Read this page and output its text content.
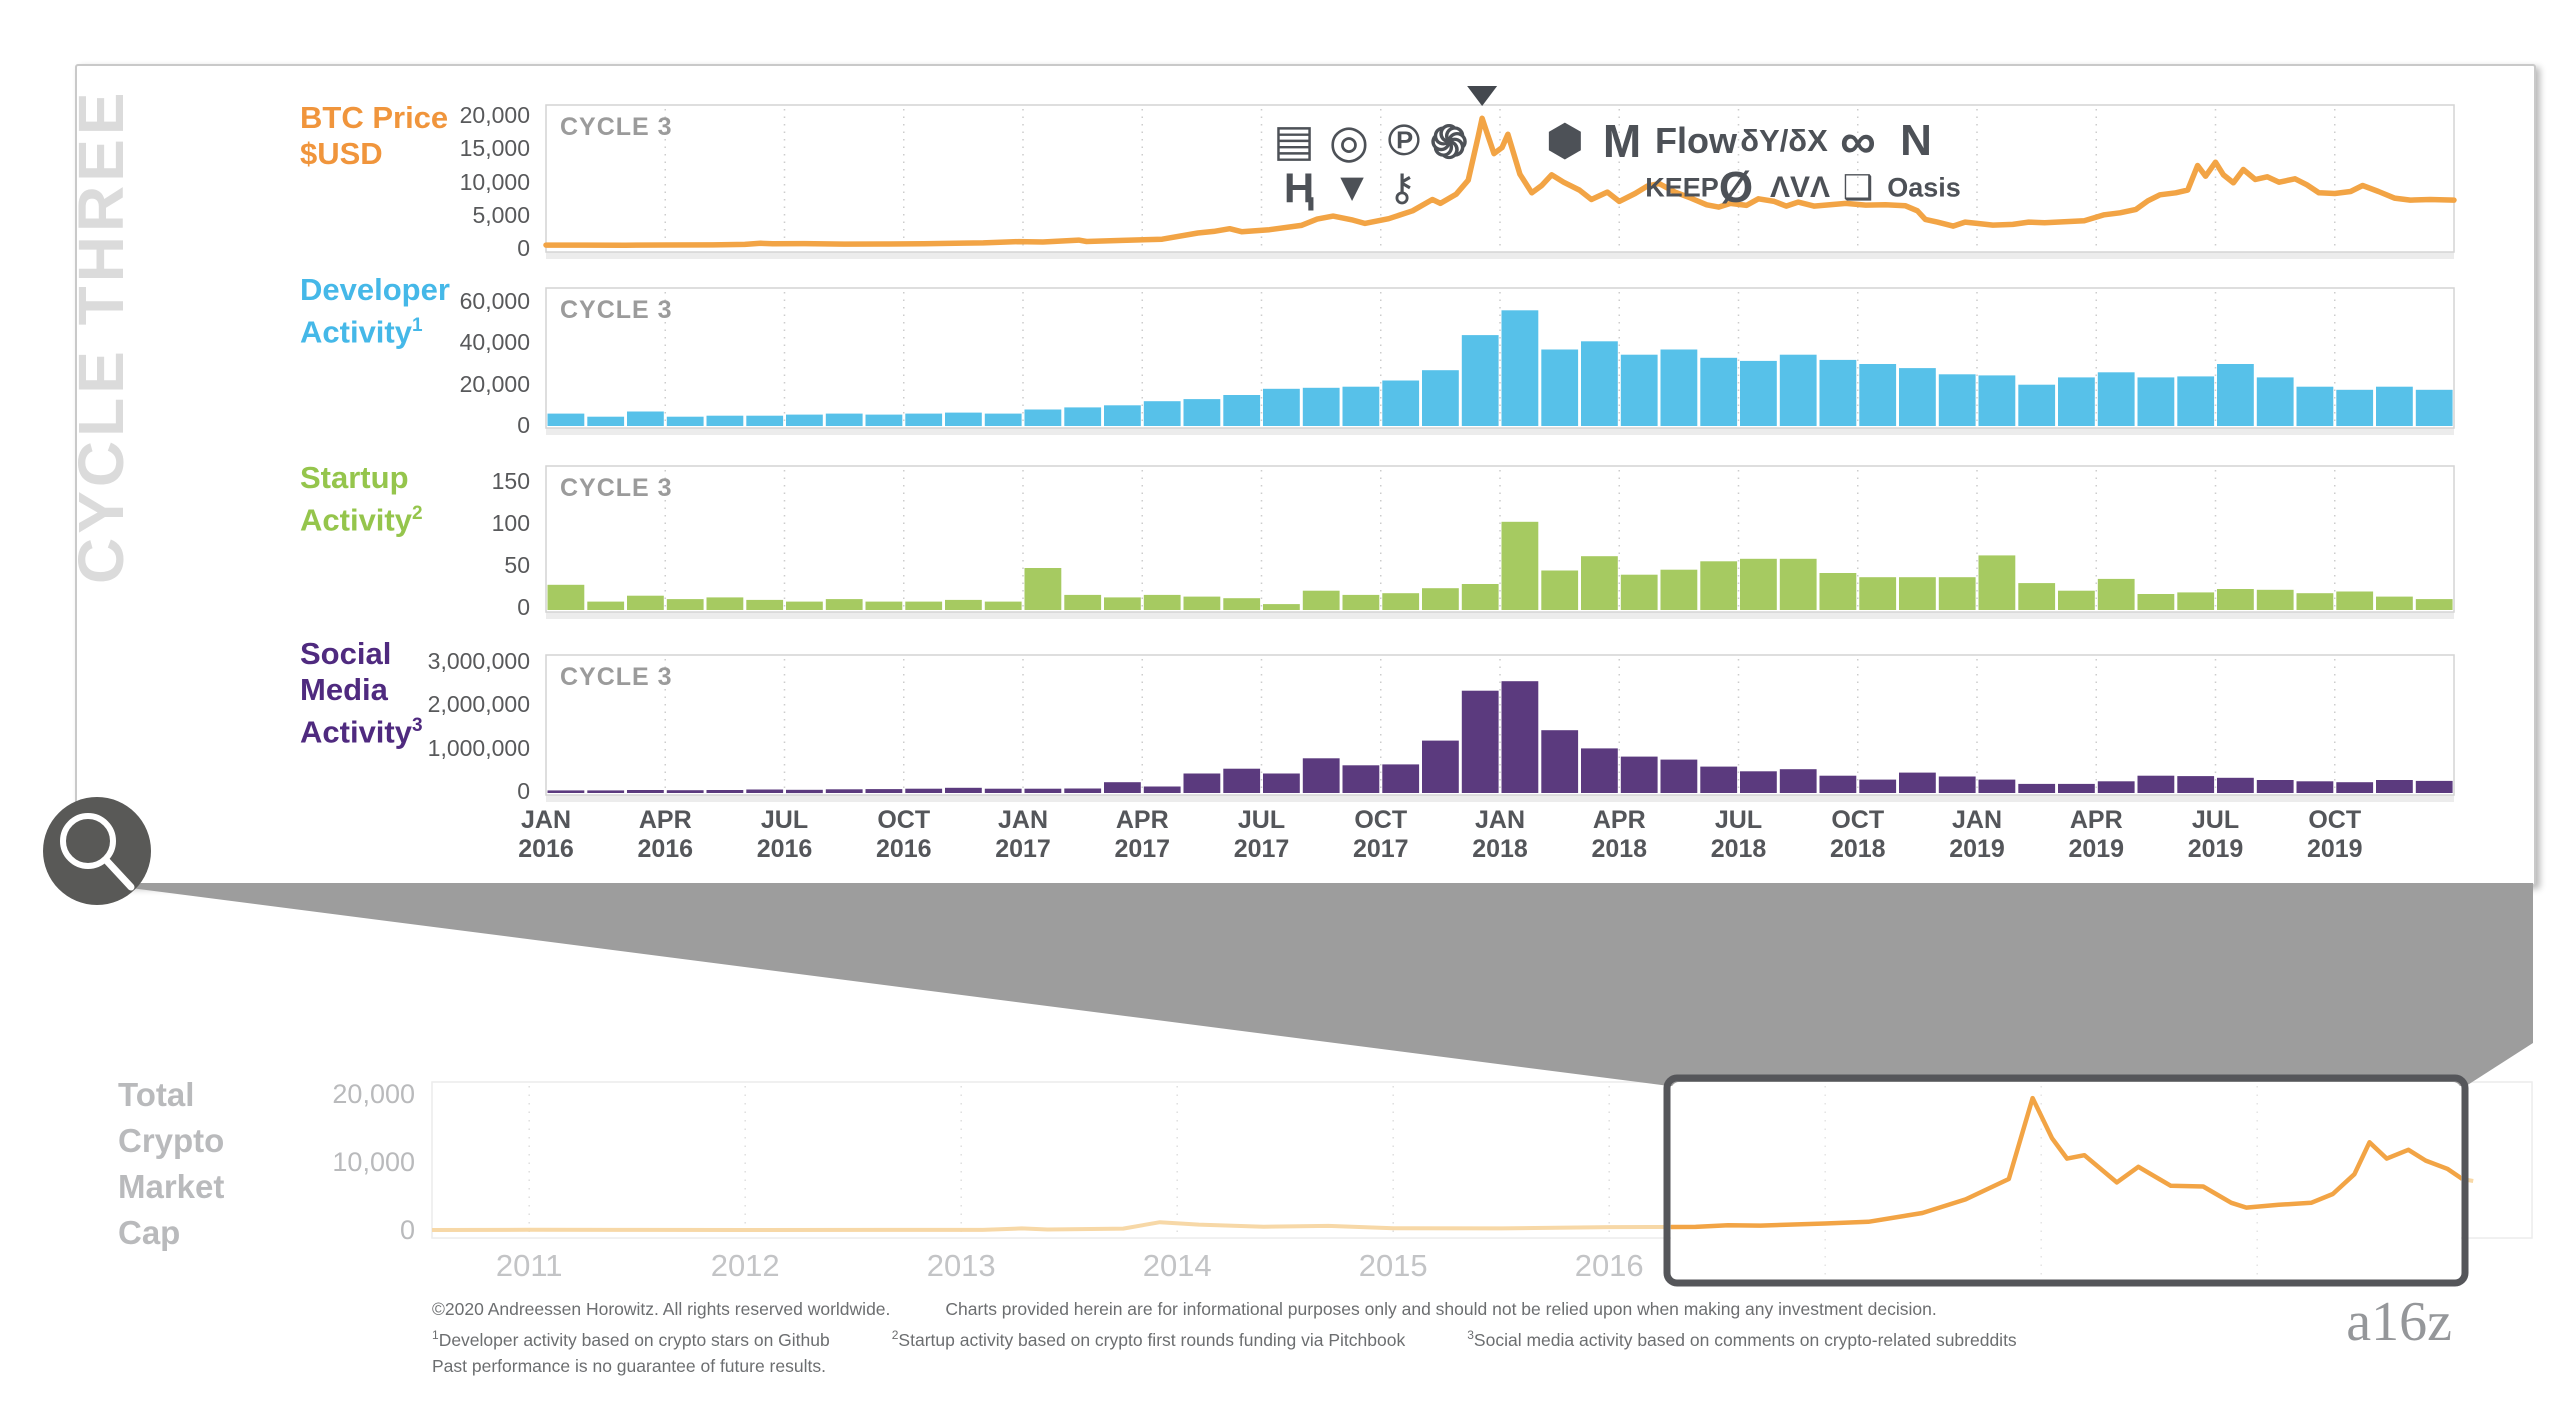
CYCLE THREE	CYCLE 3
BTC Price
$USD
20,000
15,000
10,000
5,000
0
CYCLE 3
Developer
Activity$^1$
60,000
40,000
20,000
0
CYCLE 3
Startup
Activity$^2$
150
100
50
0
CYCLE 3
Social
Media
Activity$^3$
3,000,000
2,000,000
1,000,000
0
JAN
2016
APR
2016
JUL
2016
OCT
2016
JAN
2017
APR
2017
JUL
2017
OCT
2017
JAN
2018
APR
2018
JUL
2018
OCT
2018
JAN
2019
APR
2019
JUL
2019
OCT
2019
▤ ◎ ℗ ֍ ⬢ M Flow δY/δX ∞ N
Ⱨ ▼ ⚷	KEEP Ø ΛVΛ ❑ Oasis
Total
Crypto
Market
Cap
20,000
10,000
0
2011	2012	2013	2014	2015	2016
©2020 Andreessen Horowitz. All rights reserved worldwide.	Charts provided herein are for informational purposes only and should not be relied upon when making any investment decision.
$^1$Developer activity based on crypto stars on Github	$^2$Startup activity based on crypto first rounds funding via Pitchbook	$^3$Social media activity based on comments on crypto-related subreddits
Past performance is no guarantee of future results.
a16z
